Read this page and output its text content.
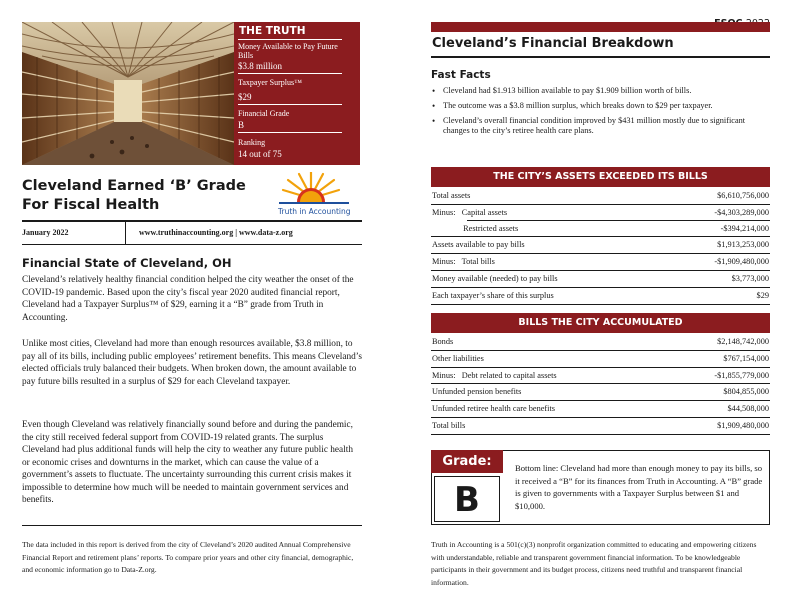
THE TRUTH
Money Available to Pay Future Bills
$3.8 million
Taxpayer Surplus™
$29
Financial Grade
B
Ranking
14 out of 75
Cleveland Earned ‘B’ Grade For Fiscal Health	Truth in Accounting
January 2022	www.truthinaccounting.org | www.data-z.org
Financial State of Cleveland, OH

Cleveland’s relatively healthy financial condition helped the city weather the onset of the COVID-19 pandemic. Based upon the city’s fiscal year 2020 audited financial report, Cleveland had a Taxpayer Surplus™ of $29, earning it a “B” grade from Truth in Accounting.

Unlike most cities, Cleveland had more than enough resources available, $3.8 million, to pay all of its bills, including public employees’ retirement benefits. This means Cleveland’s elected officials truly balanced their budgets. When broken down, the amount available to pay future bills resulted in a surplus of $29 for each Cleveland taxpayer.

Even though Cleveland was relatively financially sound before and during the pandemic, the city still received federal support from COVID-19 related grants. The surplus Cleveland had plus additional funds will help the city to weather any future public health or economic crises and downturns in the market, which can cause the value of a government’s assets to fluctuate. The uncertainty surrounding this current crisis makes it impossible to determine how much will be needed to maintain government services and benefits.

The data included in this report is derived from the city of Cleveland’s 2020 audited Annual Comprehensive Financial Report and retirement plans’ reports. To compare prior years and other city financial, demographic, and economic information go to Data-Z.org.
FSOC 2022
Cleveland’s Financial Breakdown
Fast Facts
• Cleveland had $1.913 billion available to pay $1.909 billion worth of bills.
• The outcome was a $3.8 million surplus, which breaks down to $29 per taxpayer.
• Cleveland’s overall financial condition improved by $431 million mostly due to significant changes to the city’s retiree health care plans.
THE CITY’S ASSETS EXCEEDED ITS BILLS
Total assets	$6,610,756,000
Minus:   Capital assets	-$4,303,289,000
Restricted assets	-$394,214,000
Assets available to pay bills	$1,913,253,000
Minus:   Total bills	-$1,909,480,000
Money available (needed) to pay bills	$3,773,000
Each taxpayer’s share of this surplus	$29
BILLS THE CITY ACCUMULATED
Bonds	$2,148,742,000
Other liabilities	$767,154,000
Minus:   Debt related to capital assets	-$1,855,779,000
Unfunded pension benefits	$804,855,000
Unfunded retiree health care benefits	$44,508,000
Total bills	$1,909,480,000
Grade:
B
Bottom line: Cleveland had more than enough money to pay its bills, so it received a “B” for its finances from Truth in Accounting. A “B” grade is given to governments with a Taxpayer Surplus between $1 and $10,000.
Truth in Accounting is a 501(c)(3) nonprofit organization committed to educating and empowering citizens with understandable, reliable and transparent government financial information. To be knowledgeable participants in their government and its budget process, citizens need truthful and transparent financial information.
